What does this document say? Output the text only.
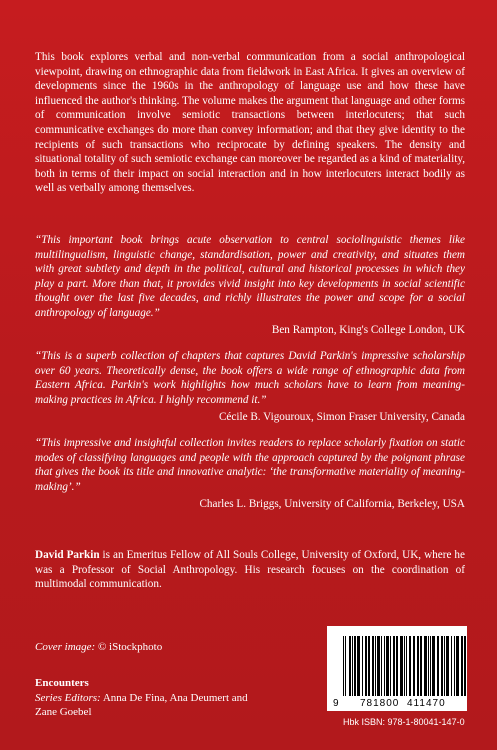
This book explores verbal and non-verbal communication from a social anthropological viewpoint, drawing on ethnographic data from fieldwork in East Africa. It gives an overview of developments since the 1960s in the anthropology of language use and how these have influenced the author's thinking. The volume makes the argument that language and other forms of communication involve semiotic transactions between interlocuters; that such communicative exchanges do more than convey information; and that they give identity to the recipients of such transactions who reciprocate by defining speakers. The density and situational totality of such semiotic exchange can moreover be regarded as a kind of materiality, both in terms of their impact on social interaction and in how interlocuters interact bodily as well as verbally among themselves.

“This important book brings acute observation to central sociolinguistic themes like multilingualism, linguistic change, standardisation, power and creativity, and situates them with great subtlety and depth in the political, cultural and historical processes in which they play a part. More than that, it provides vivid insight into key developments in social scientific thought over the last five decades, and richly illustrates the power and scope for a social anthropology of language.”

Ben Rampton, King's College London, UK

“This is a superb collection of chapters that captures David Parkin's impressive scholarship over 60 years. Theoretically dense, the book offers a wide range of ethnographic data from Eastern Africa. Parkin's work highlights how much scholars have to learn from meaning-making practices in Africa. I highly recommend it.”

Cécile B. Vigouroux, Simon Fraser University, Canada

“This impressive and insightful collection invites readers to replace scholarly fixation on static modes of classifying languages and people with the approach captured by the poignant phrase that gives the book its title and innovative analytic: ‘the transformative materiality of meaning-making’.”

Charles L. Briggs, University of California, Berkeley, USA

David Parkin is an Emeritus Fellow of All Souls College, University of Oxford, UK, where he was a Professor of Social Anthropology. His research focuses on the coordination of multimodal communication.

Cover image: © iStockphoto

Encounters
Series Editors: Anna De Fina, Ana Deumert and Zane Goebel

9 781800 411470

Hbk ISBN: 978-1-80041-147-0
